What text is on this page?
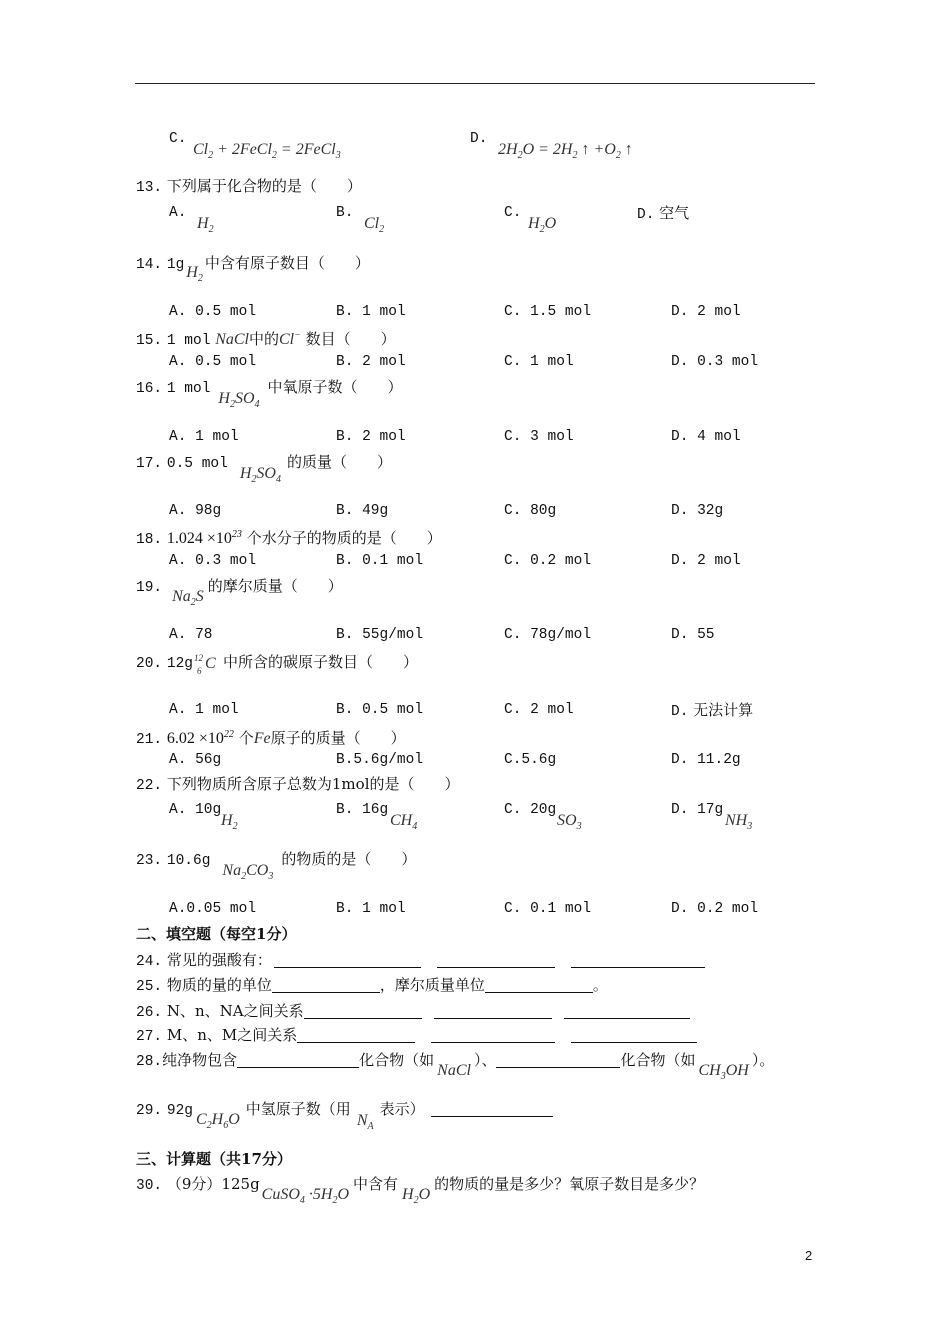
C.
$Cl_2$ + 2FeCl$_2$ = 2FeCl$_3$
D.
$2H_2O = 2H_2$ ↑ $+O_2$ ↑
13. 下列属于化合物的是（　　）
A.
$H_2$
B.
$Cl_2$
C.
$H_2O$	D. 空气
14. 1g $H_2$中含有原子数目（　　）
A. 0.5 mol	B. 1 mol	C. 1.5 mol	D. 2 mol
15. 1 mol NaCl中的Cl− 数目（　　）
A. 0.5 mol	B. 2 mol	C. 1 mol	D. 0.3 mol
16. 1 $molH_2SO_4$中氧原子数（　　）
A. 1 mol	B. 2 mol	C. 3 mol	D. 4 mol
17. 0.5 $molH_2SO_4$的质量（　　）
A. 98g	B. 49g	C. 80g	D. 32g
18. $1.024 \times 10^{23}$ 个水分子的物质的是（　　）
A. 0.3 mol	B. 0.1 mol	C. 0.2 mol	D. 2 mol
19. $Na_2S$的摩尔质量（　　）
A. 78	B. 55g/mol	C. 78g/mol	D. 55
20. 12g 12
6 C 中所含的碳原子数目（　　）
A. 1 mol	B. 0.5 mol	C. 2 mol	D. 无法计算
21. $6.02 \times 10^{22}$ 个Fe原子的质量（　　）
A. 56g	B.5.6g/mol	C.5.6g	D. 11.2g
22. 下列物质所含原子总数为1mol的是（　　）
A. 10g
$H_2$
B. 16g
$CH_4$
C. 20g
$SO_3$
D. 17g
$NH_3$
23. $10.6gNa_2CO_3$的物质的是（　　）
A.0.05 mol	B. 1 mol	C. 0.1 mol	D. 0.2 mol
二、填空题（每空1分）
24. 常见的强酸有：
25. 物质的量的单位	，摩尔质量单位	。
26. N、n、NA之间关系
27. M、n、M之间关系
28.纯净物包含	化合物（如NaCl）、	化合物（如$CH_3OH$）。
29. 92g $C_2H_6O$中氢原子数（用$N_A$表示）
三、计算题（共17分）
30. （9分）125gCuSO$_4$ $\cdot 5H_2O$中含有$H_2O$的物质的量是多少？氧原子数目是多少？
2
